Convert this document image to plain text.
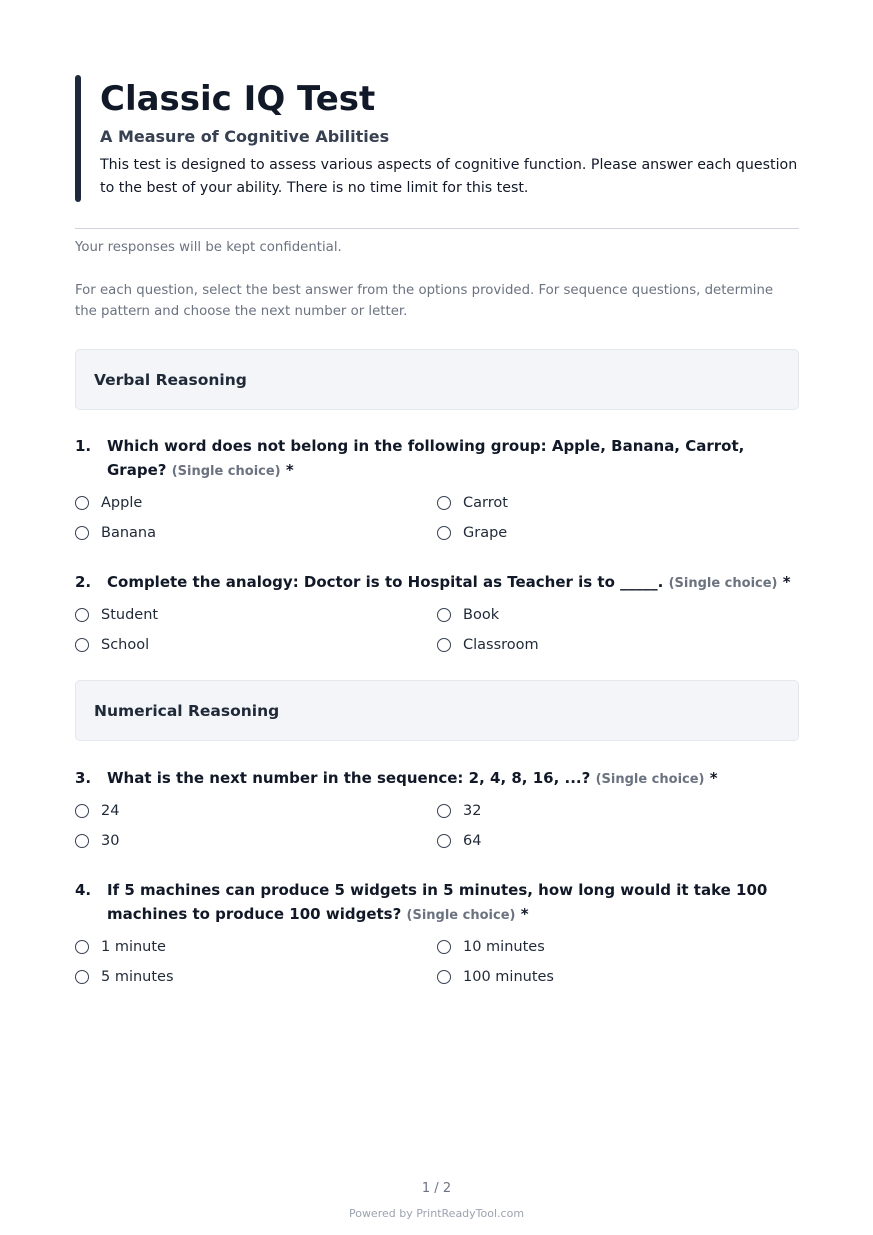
Classic IQ Test
A Measure of Cognitive Abilities

This test is designed to assess various aspects of cognitive function. Please answer each question to the best of your ability. There is no time limit for this test.

Your responses will be kept confidential.

For each question, select the best answer from the options provided. For sequence questions, determine the pattern and choose the next number or letter.

Verbal Reasoning
1.	Which word does not belong in the following group: Apple, Banana, Carrot, Grape? (Single choice) *
Apple	Carrot
Banana	Grape
2.	Complete the analogy: Doctor is to Hospital as Teacher is to _____. (Single choice) *
Student	Book
School	Classroom
Numerical Reasoning
3.	What is the next number in the sequence: 2, 4, 8, 16, ...? (Single choice) *
24	32
30	64
4.	If 5 machines can produce 5 widgets in 5 minutes, how long would it take 100 machines to produce 100 widgets? (Single choice) *
1 minute	10 minutes
5 minutes	100 minutes
1 / 2
Powered by PrintReadyTool.com
